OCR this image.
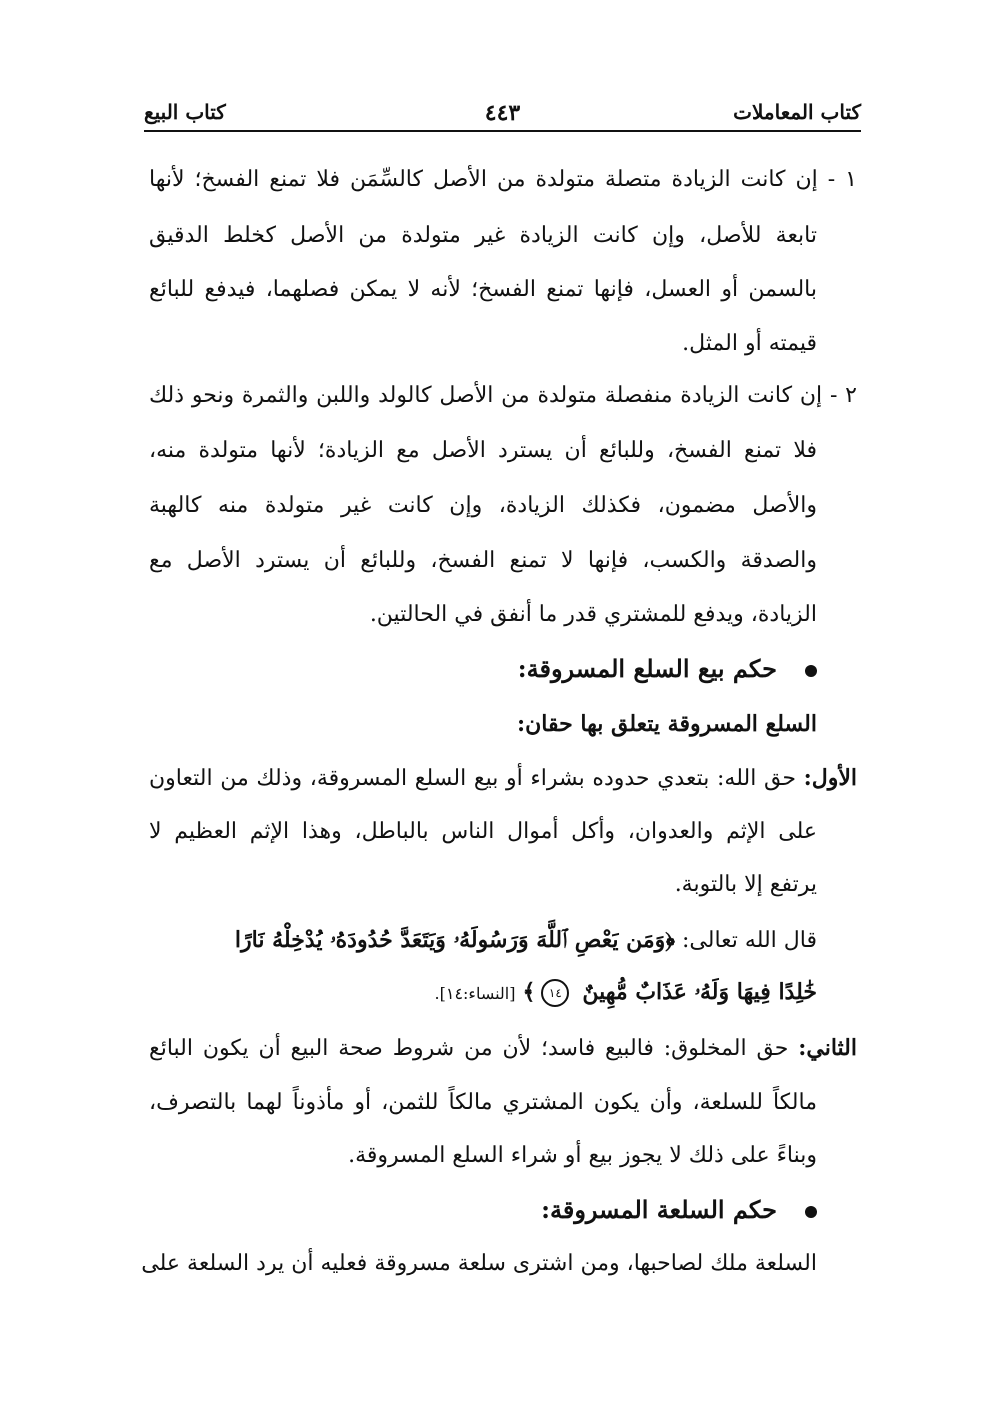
كتاب المعاملات
٤٤٣
كتاب البيع
١ - إن كانت الزيادة متصلة متولدة من الأصل كالسِّمَن فلا تمنع الفسخ؛ لأنها
تابعة للأصل، وإن كانت الزيادة غير متولدة من الأصل كخلط الدقيق
بالسمن أو العسل، فإنها تمنع الفسخ؛ لأنه لا يمكن فصلهما، فيدفع للبائع
قيمته أو المثل.
٢ - إن كانت الزيادة منفصلة متولدة من الأصل كالولد واللبن والثمرة ونحو ذلك
فلا تمنع الفسخ، وللبائع أن يسترد الأصل مع الزيادة؛ لأنها متولدة منه،
والأصل مضمون، فكذلك الزيادة، وإن كانت غير متولدة منه كالهبة
والصدقة والكسب، فإنها لا تمنع الفسخ، وللبائع أن يسترد الأصل مع
الزيادة، ويدفع للمشتري قدر ما أنفق في الحالتين.
حكم بيع السلع المسروقة:
السلع المسروقة يتعلق بها حقان:
الأول: حق الله: بتعدي حدوده بشراء أو بيع السلع المسروقة، وذلك من التعاون
على الإثم والعدوان، وأكل أموال الناس بالباطل، وهذا الإثم العظيم لا
يرتفع إلا بالتوبة.
قال الله تعالى: ﴿وَمَن يَعْصِ ٱللَّهَ وَرَسُولَهُۥ وَيَتَعَدَّ حُدُودَهُۥ يُدْخِلْهُ نَارًا
خَٰلِدًا فِيهَا وَلَهُۥ عَذَابٌ مُّهِينٌ ١٤﴾ [النساء:١٤].
الثاني: حق المخلوق: فالبيع فاسد؛ لأن من شروط صحة البيع أن يكون البائع
مالكاً للسلعة، وأن يكون المشتري مالكاً للثمن، أو مأذوناً لهما بالتصرف،
وبناءً على ذلك لا يجوز بيع أو شراء السلع المسروقة.
حكم السلعة المسروقة:
السلعة ملك لصاحبها، ومن اشترى سلعة مسروقة فعليه أن يرد السلعة على
